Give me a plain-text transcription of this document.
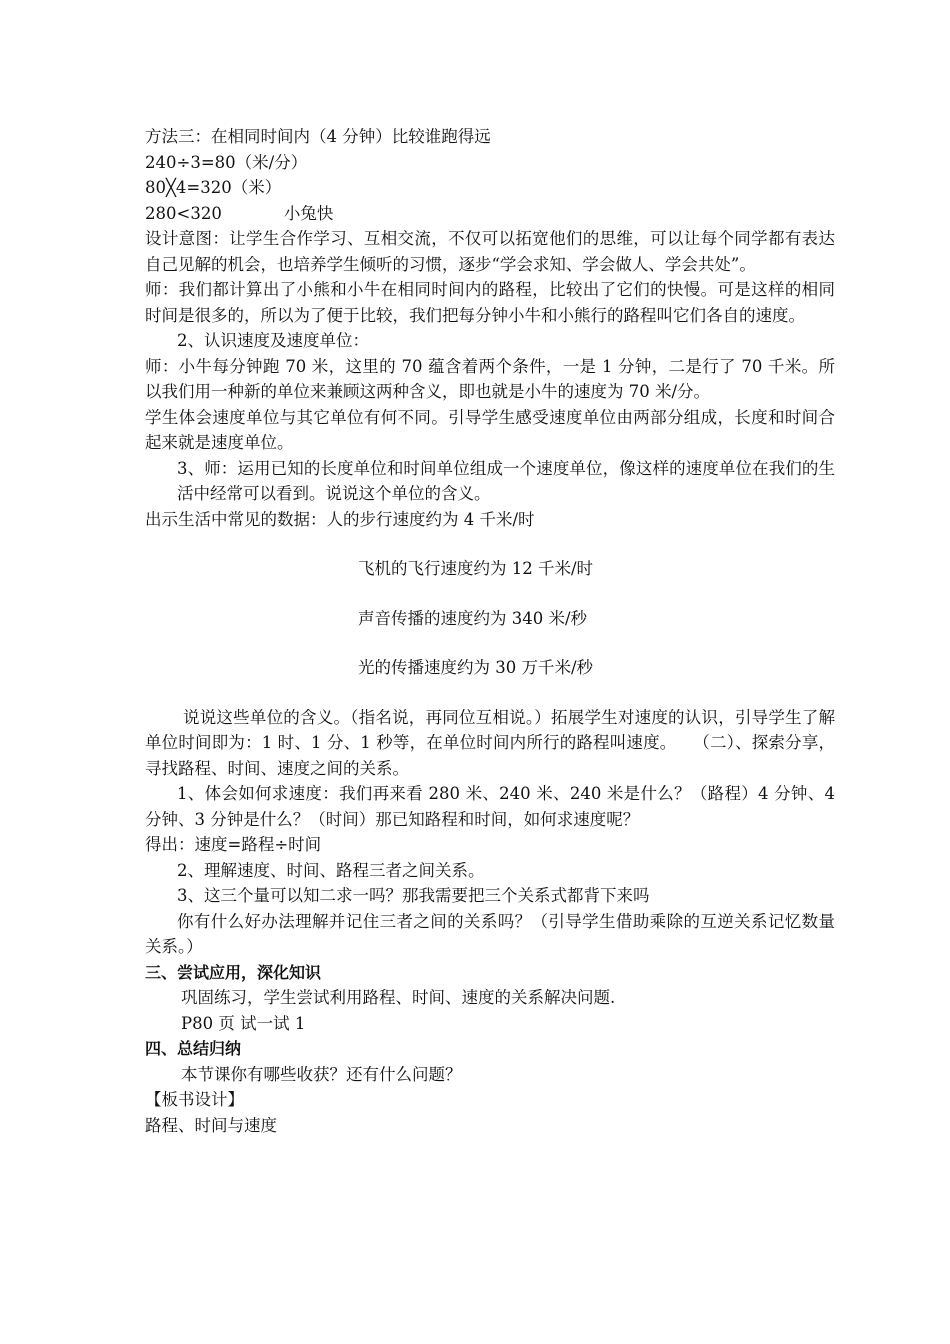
方法三：在相同时间内（4 分钟）比较谁跑得远

240÷3=80（米/分）

80╳4=320（米）

280<320	小兔快

设计意图：让学生合作学习、互相交流，不仅可以拓宽他们的思维，可以让每个同学都有表达自己见解的机会，也培养学生倾听的习惯，逐步“学会求知、学会做人、学会共处”。

师：我们都计算出了小熊和小牛在相同时间内的路程，比较出了它们的快慢。可是这样的相同时间是很多的，所以为了便于比较，我们把每分钟小牛和小熊行的路程叫它们各自的速度。

2、认识速度及速度单位：

师：小牛每分钟跑 70 米，这里的 70 蕴含着两个条件，一是 1 分钟，二是行了 70 千米。所以我们用一种新的单位来兼顾这两种含义，即也就是小牛的速度为 70 米/分。

学生体会速度单位与其它单位有何不同。引导学生感受速度单位由两部分组成，长度和时间合起来就是速度单位。

3、师：运用已知的长度单位和时间单位组成一个速度单位，像这样的速度单位在我们的生活中经常可以看到。说说这个单位的含义。

出示生活中常见的数据：人的步行速度约为 4 千米/时

飞机的飞行速度约为 12 千米/时

声音传播的速度约为 340 米/秒

光的传播速度约为 30 万千米/秒

说说这些单位的含义。（指名说，再同位互相说。）拓展学生对速度的认识，引导学生了解单位时间即为：1 时、1 分、1 秒等，在单位时间内所行的路程叫速度。　　（二）、探索分享，寻找路程、时间、速度之间的关系。

1、体会如何求速度：我们再来看 280 米、240 米、240 米是什么？（路程）4 分钟、4 分钟、3 分钟是什么？（时间）那已知路程和时间，如何求速度呢？

得出：速度=路程÷时间

2、理解速度、时间、路程三者之间关系。

3、这三个量可以知二求一吗？那我需要把三个关系式都背下来吗

你有什么好办法理解并记住三者之间的关系吗？（引导学生借助乘除的互逆关系记忆数量关系。）

三、尝试应用，深化知识

巩固练习，学生尝试利用路程、时间、速度的关系解决问题.

P80 页 试一试 1

四、总结归纳

本节课你有哪些收获？还有什么问题？

【板书设计】

路程、时间与速度
